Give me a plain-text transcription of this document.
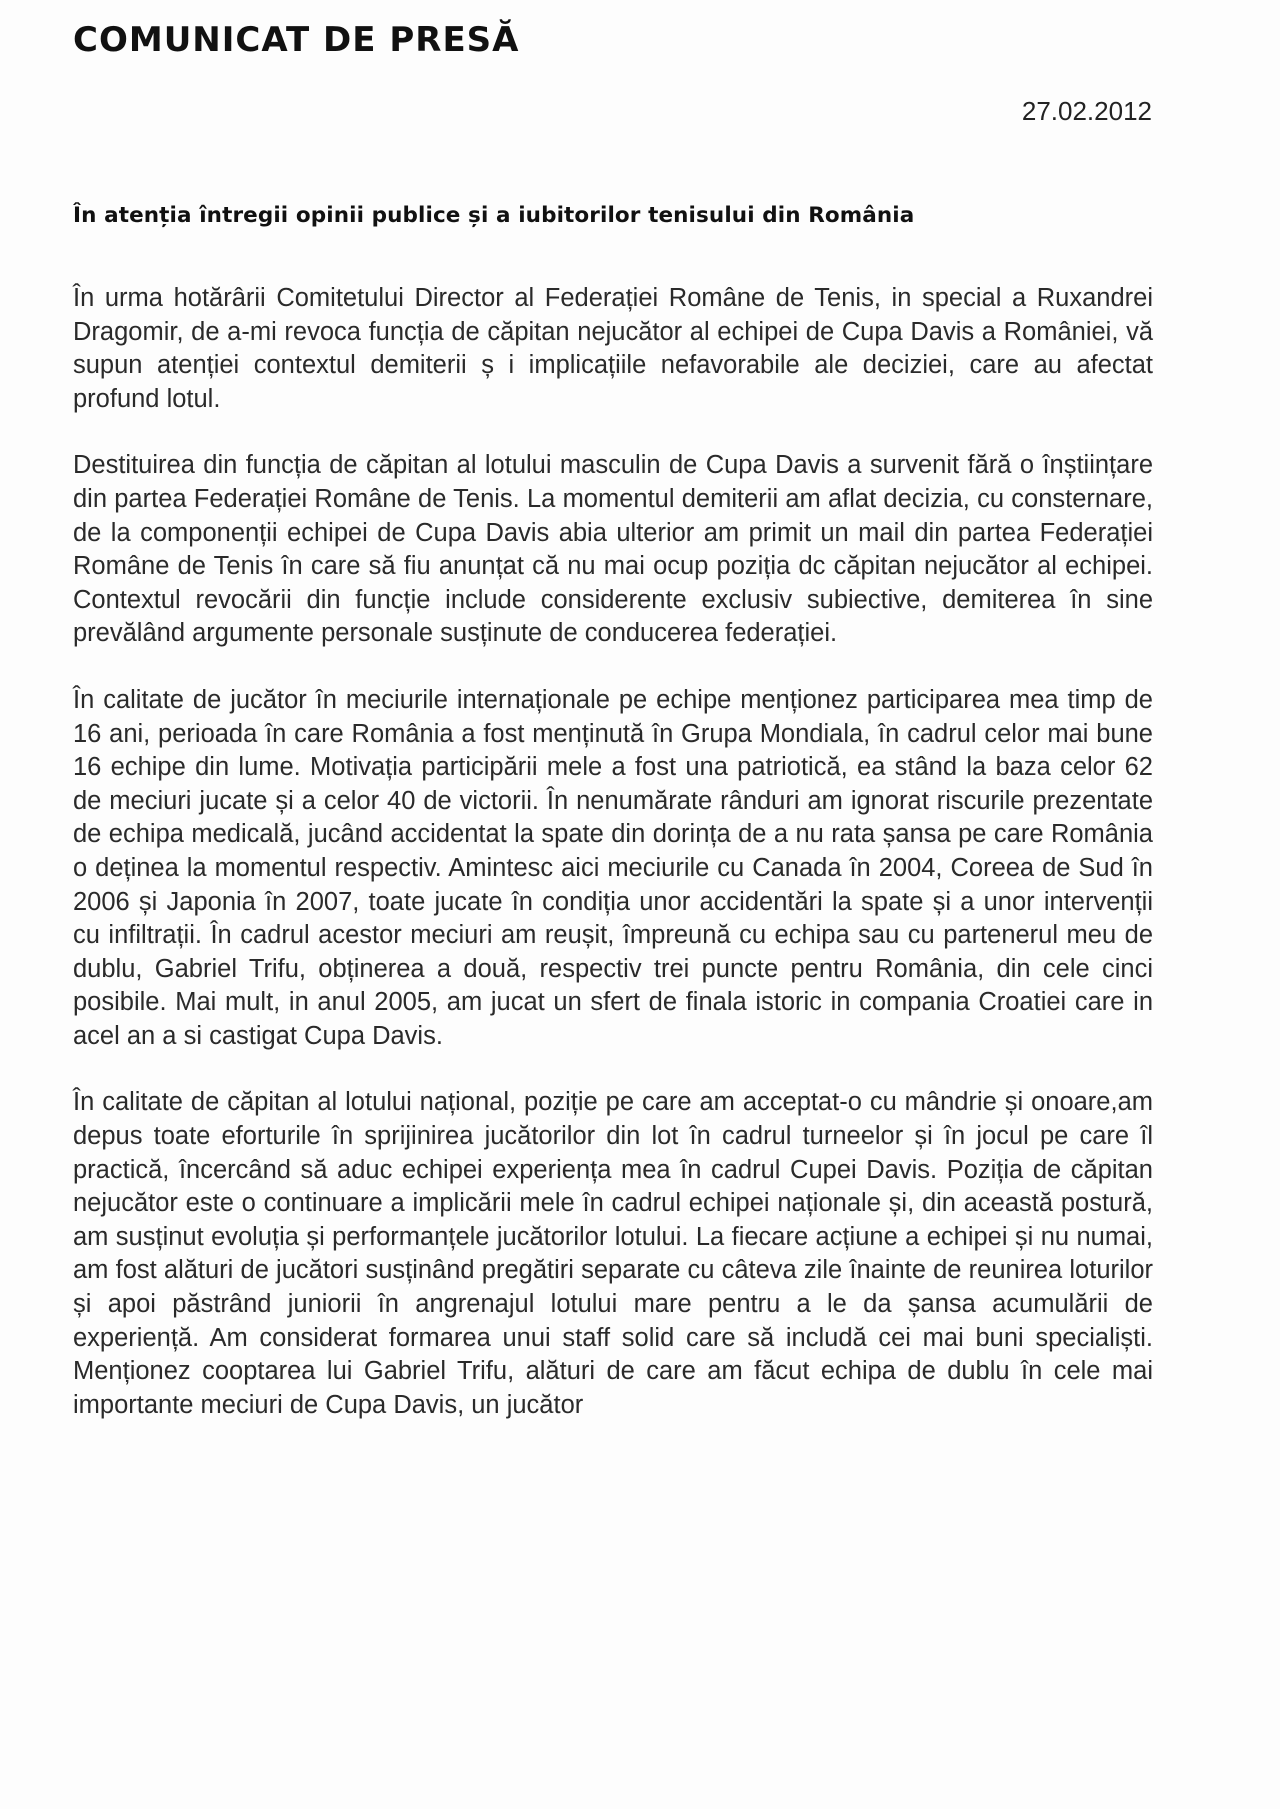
COMUNICAT DE PRESĂ
27.02.2012
În atenția întregii opinii publice și a iubitorilor tenisului din România

În urma hotărârii Comitetului Director al Federației Române de Tenis, in special a Ruxandrei Dragomir, de a-mi revoca funcția de căpitan nejucător al echipei de Cupa Davis a României, vă supun atenției contextul demiterii ș i implicațiile nefavorabile ale deciziei, care au afectat profund lotul.

Destituirea din funcția de căpitan al lotului masculin de Cupa Davis a survenit fără o înștiințare din partea Federației Române de Tenis. La momentul demiterii am aflat decizia, cu consternare, de la componenții echipei de Cupa Davis abia ulterior am primit un mail din partea Federației Române de Tenis în care să fiu anunțat că nu mai ocup poziția dc căpitan nejucător al echipei. Contextul revocării din funcție include considerente exclusiv subiective, demiterea în sine prevălând argumente personale susținute de conducerea federației.

În calitate de jucător în meciurile internaționale pe echipe menționez participarea mea timp de 16 ani, perioada în care România a fost menținută în Grupa Mondiala, în cadrul celor mai bune 16 echipe din lume. Motivația participării mele a fost una patriotică, ea stând la baza celor 62 de meciuri jucate și a celor 40 de victorii. În nenumărate rânduri am ignorat riscurile prezentate de echipa medicală, jucând accidentat la spate din dorința de a nu rata șansa pe care România o deținea la momentul respectiv. Amintesc aici meciurile cu Canada în 2004, Coreea de Sud în 2006 și Japonia în 2007, toate jucate în condiția unor accidentări la spate și a unor intervenții cu infiltrații. În cadrul acestor meciuri am reușit, împreună cu echipa sau cu partenerul meu de dublu, Gabriel Trifu, obținerea a două, respectiv trei puncte pentru România, din cele cinci posibile. Mai mult, in anul 2005, am jucat un sfert de finala istoric in compania Croatiei care in acel an a si castigat Cupa Davis.

În calitate de căpitan al lotului național, poziție pe care am acceptat-o cu mândrie și onoare,am depus toate eforturile în sprijinirea jucătorilor din lot în cadrul turneelor și în jocul pe care îl practică, încercând să aduc echipei experiența mea în cadrul Cupei Davis. Poziția de căpitan nejucător este o continuare a implicării mele în cadrul echipei naționale și, din această postură, am susținut evoluția și performanțele jucătorilor lotului. La fiecare acțiune a echipei și nu numai, am fost alături de jucători susținând pregătiri separate cu câteva zile înainte de reunirea loturilor și apoi păstrând juniorii în angrenajul lotului mare pentru a le da șansa acumulării de experiență. Am considerat formarea unui staff solid care să includă cei mai buni specialiști. Menționez cooptarea lui Gabriel Trifu, alături de care am făcut echipa de dublu în cele mai importante meciuri de Cupa Davis, un jucător
